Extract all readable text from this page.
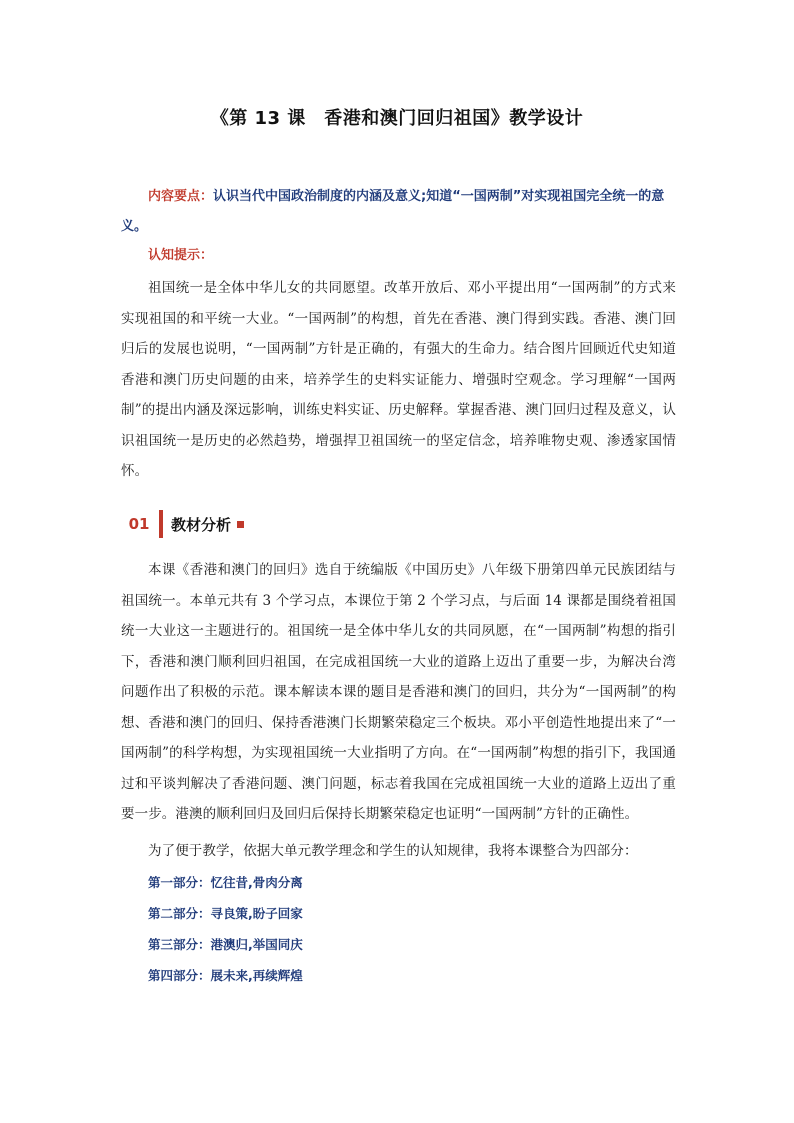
《第 13 课　香港和澳门回归祖国》教学设计
内容要点：认识当代中国政治制度的内涵及意义;知道“一国两制”对实现祖国完全统一的意义。
认知提示：
祖国统一是全体中华儿女的共同愿望。改革开放后、邓小平提出用“一国两制”的方式来实现祖国的和平统一大业。“一国两制”的构想，首先在香港、澳门得到实践。香港、澳门回归后的发展也说明，“一国两制”方针是正确的，有强大的生命力。结合图片回顾近代史知道香港和澳门历史问题的由来，培养学生的史料实证能力、增强时空观念。学习理解“一国两制”的提出内涵及深远影响，训练史料实证、历史解释。掌握香港、澳门回归过程及意义，认识祖国统一是历史的必然趋势，增强捍卫祖国统一的坚定信念，培养唯物史观、渗透家国情怀。
01	教材分析
本课《香港和澳门的回归》选自于统编版《中国历史》八年级下册第四单元民族团结与祖国统一。本单元共有 3 个学习点，本课位于第 2 个学习点，与后面 14 课都是围绕着祖国统一大业这一主题进行的。祖国统一是全体中华儿女的共同夙愿，在“一国两制”构想的指引下，香港和澳门顺利回归祖国，在完成祖国统一大业的道路上迈出了重要一步，为解决台湾问题作出了积极的示范。课本解读本课的题目是香港和澳门的回归，共分为“一国两制”的构想、香港和澳门的回归、保持香港澳门长期繁荣稳定三个板块。邓小平创造性地提出来了“一国两制”的科学构想，为实现祖国统一大业指明了方向。在“一国两制”构想的指引下，我国通过和平谈判解决了香港问题、澳门问题，标志着我国在完成祖国统一大业的道路上迈出了重要一步。港澳的顺利回归及回归后保持长期繁荣稳定也证明“一国两制”方针的正确性。
为了便于教学，依据大单元教学理念和学生的认知规律，我将本课整合为四部分：
第一部分：忆往昔,骨肉分离
第二部分：寻良策,盼子回家
第三部分：港澳归,举国同庆
第四部分：展未来,再续辉煌
